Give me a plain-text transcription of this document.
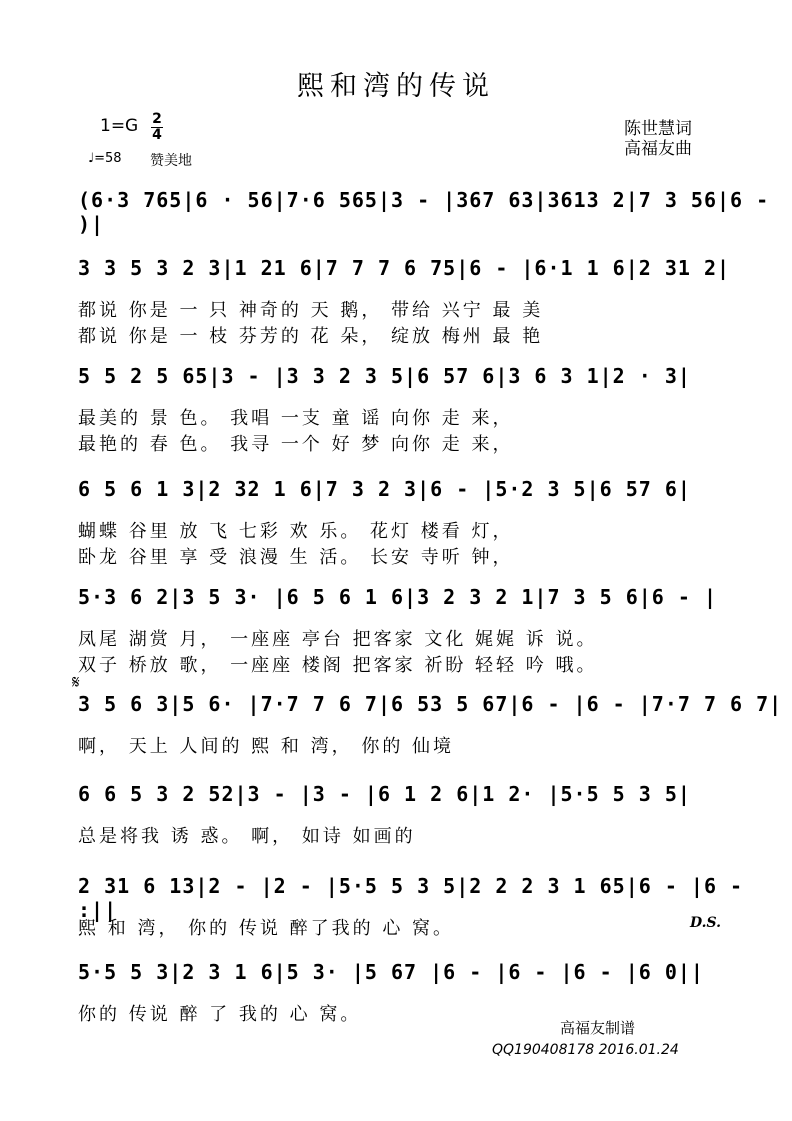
熙和湾的传说
1=G 2
4
♩=58 赞美地
陈世慧词
高福友曲
(6·3 765|6 · 56|7·6 565|3 - |367 63|3613 2|7 3 56|6 - )|
3 3 5 3 2 3|1 21 6|7 7 7 6 75|6 - |6·1 1 6|2 31 2|
都说 你是 一 只 神奇的 天 鹅， 带给 兴宁 最 美
都说 你是 一 枝 芬芳的 花 朵， 绽放 梅州 最 艳
5 5 2 5 65|3 - |3 3 2 3 5|6 57 6|3 6 3 1|2 · 3|
最美的 景 色。 我唱 一支 童 谣 向你 走 来，
最艳的 春 色。 我寻 一个 好 梦 向你 走 来，
6 5 6 1 3|2 32 1 6|7 3 2 3|6 - |5·2 3 5|6 57 6|
蝴蝶 谷里 放 飞 七彩 欢 乐。 花灯 楼看 灯，
卧龙 谷里 享 受 浪漫 生 活。 长安 寺听 钟，
5·3 6 2|3 5 3· |6 5 6 1 6|3 2 3 2 1|7 3 5 6|6 - |
凤尾 湖赏 月， 一座座 亭台 把客家 文化 娓娓 诉 说。
双子 桥放 歌， 一座座 楼阁 把客家 祈盼 轻轻 吟 哦。
3 5 6 3|5 6· |7·7 7 6 7|6 53 5 67|6 - |6 - |7·7 7 6 7|
啊， 天上 人间的 熙 和 湾， 你的 仙境
6 6 5 3 2 52|3 - |3 - |6 1 2 6|1 2· |5·5 5 3 5|
总是将我 诱 惑。 啊， 如诗 如画的
2 31 6 13|2 - |2 - |5·5 5 3 5|2 2 2 3 1 65|6 - |6 - :||
熙 和 湾， 你的 传说 醉了我的 心 窝。
5·5 5 3|2 3 1 6|5 3· |5 67 |6 - |6 - |6 - |6 0||
你的 传说 醉 了 我的 心 窝。
𝄋
D.S.
高福友制谱
QQ190408178 2016.01.24
